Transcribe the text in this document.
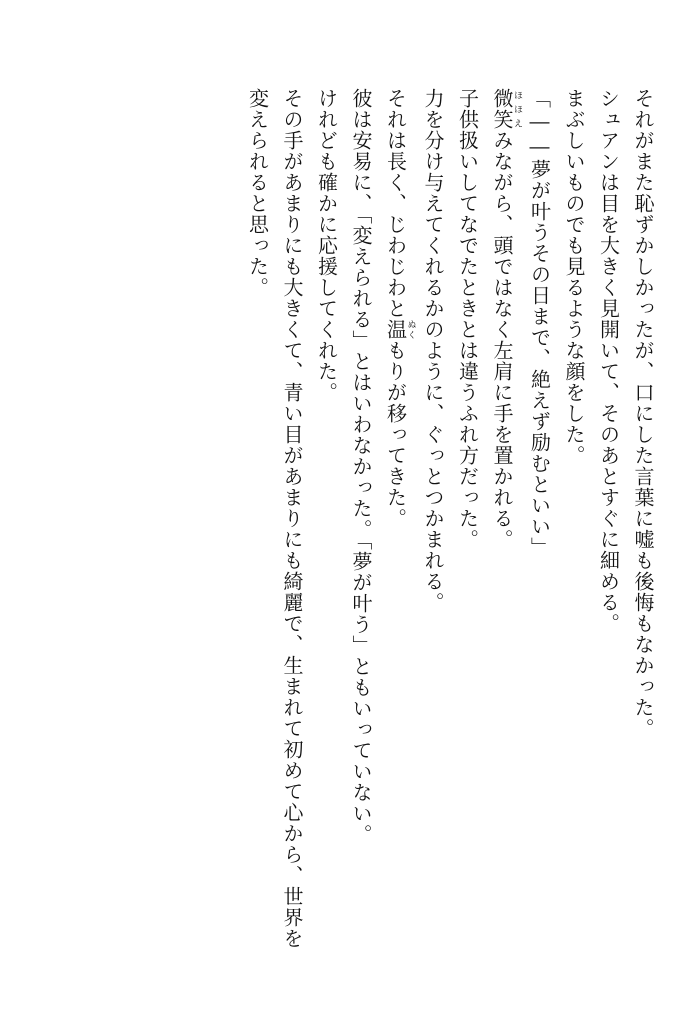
それがまた恥ずかしかったが、口にした言葉に嘘も後悔もなかった。

シュアンは目を大きく見開いて、そのあとすぐに細める。

まぶしいものでも見るような顔をした。

「――夢が叶うその日まで、絶えず励むといい」

微笑ほほえみながら、頭ではなく左肩に手を置かれる。

子供扱いしてなでたときとは違うふれ方だった。

力を分け与えてくれるかのように、ぐっとつかまれる。

それは長く、じわじわと温ぬくもりが移ってきた。

彼は安易に、「変えられる」とはいわなかった。「夢が叶う」ともいっていない。

けれども確かに応援してくれた。

その手があまりにも大きくて、青い目があまりにも綺麗で、生まれて初めて心から、世界を

変えられると思った。
